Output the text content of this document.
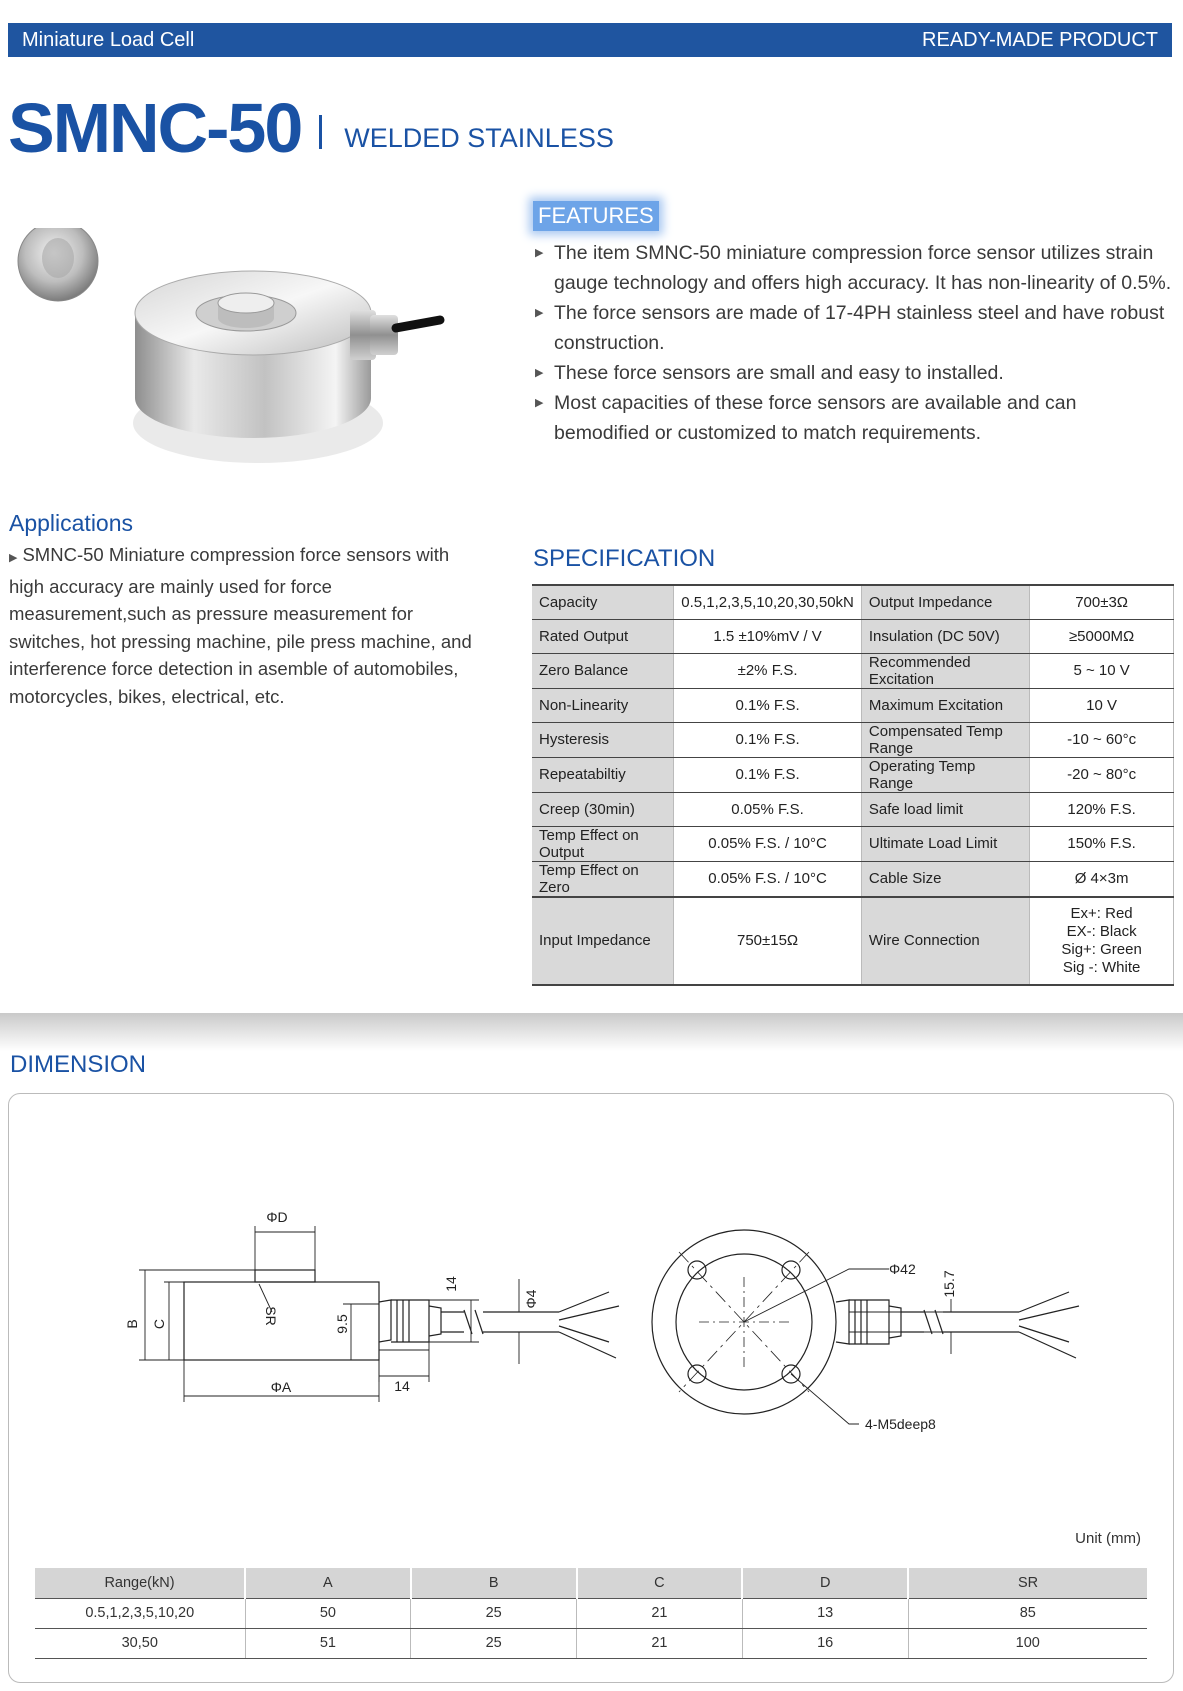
Miniature Load Cell	READY-MADE PRODUCT
SMNC-50 WELDED STAINLESS
FEATURES
▶ The item SMNC-50 miniature compression force sensor utilizes strain gauge technology and offers high accuracy. It has non-linearity of 0.5%.
▶ The force sensors are made of 17-4PH stainless steel and have robust construction.
▶ These force sensors are small and easy to installed.
▶ Most capacities of these force sensors are available and can bemodified or customized to match requirements.
Applications
▶ SMNC-50 Miniature compression force sensors with high accuracy are mainly used for force measurement,such as pressure measurement for switches, hot pressing machine, pile press machine, and interference force detection in asemble of automobiles, motorcycles, bikes, electrical, etc.
SPECIFICATION
Capacity	0.5,1,2,3,5,10,20,30,50kN	Output Impedance	700±3Ω
Rated Output	1.5 ±10%mV / V	Insulation (DC 50V)	≥5000MΩ
Zero Balance	±2% F.S.	Recommended Excitation	5 ~ 10 V
Non-Linearity	0.1% F.S.	Maximum Excitation	10 V
Hysteresis	0.1% F.S.	Compensated Temp Range	-10 ~ 60°c
Repeatabiltiy	0.1% F.S.	Operating Temp Range	-20 ~ 80°c
Creep (30min)	0.05% F.S.	Safe load limit	120% F.S.
Temp Effect on Output	0.05% F.S. / 10°C	Ultimate Load Limit	150% F.S.
Temp Effect on Zero	0.05% F.S. / 10°C	Cable Size	Ø 4×3m
Input Impedance	750±15Ω	Wire Connection	Ex+: Red
EX-: Black
Sig+: Green
Sig -: White
DIMENSION
ΦD
ΦA
B C	SR	9.5
14
14
Φ4
Φ42
15.7
4-M5deep8
Unit (mm)
Range(kN)	A	B	C	D	SR
0.5,1,2,3,5,10,20	50	25	21	13	85
30,50	51	25	21	16	100
